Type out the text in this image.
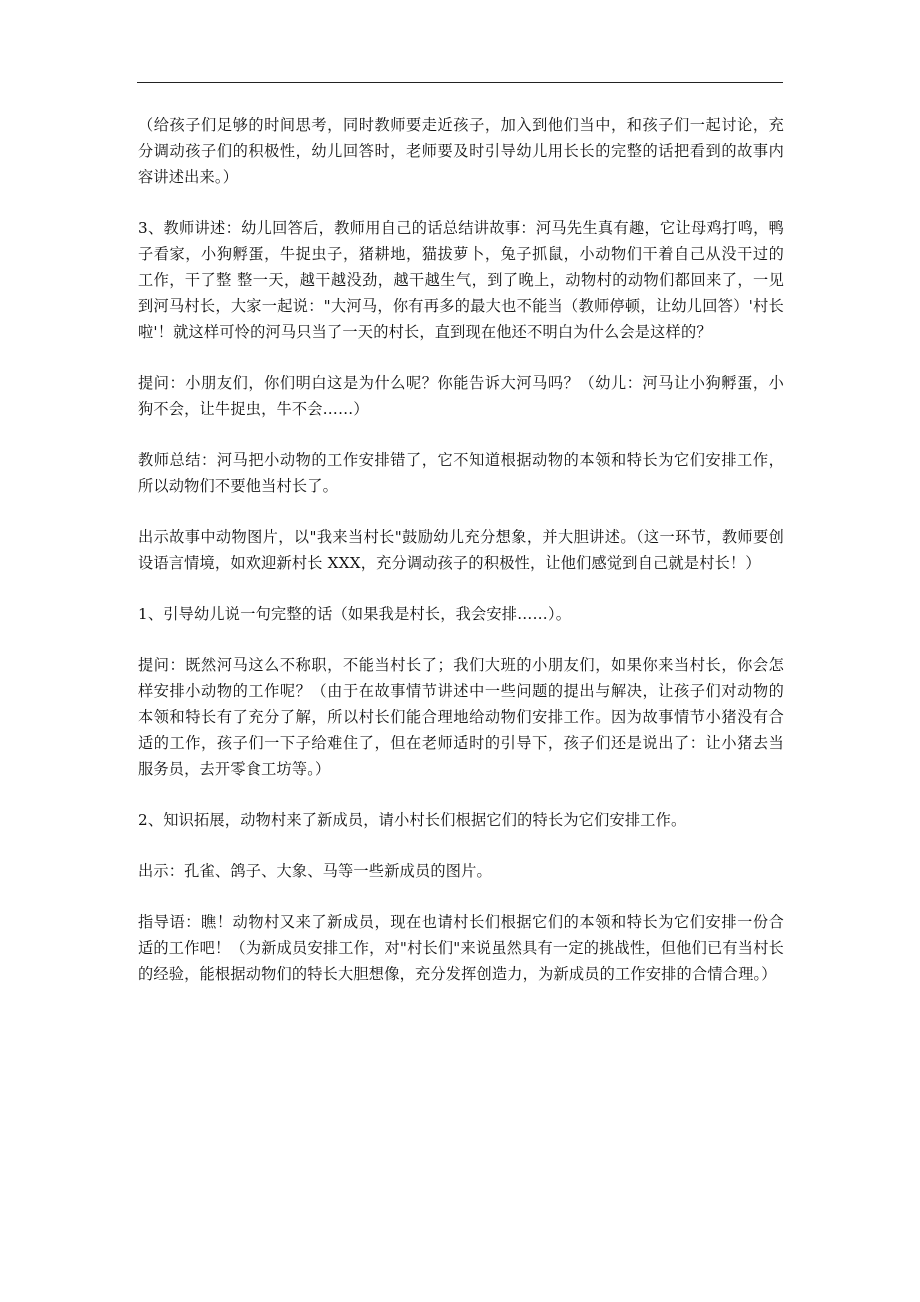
（给孩子们足够的时间思考，同时教师要走近孩子，加入到他们当中，和孩子们一起讨论，充分调动孩子们的积极性，幼儿回答时，老师要及时引导幼儿用长长的完整的话把看到的故事内容讲述出来。）

3、教师讲述：幼儿回答后，教师用自己的话总结讲故事：河马先生真有趣，它让母鸡打鸣，鸭子看家，小狗孵蛋，牛捉虫子，猪耕地，猫拔萝卜，兔子抓鼠，小动物们干着自己从没干过的工作，干了整 整一天，越干越没劲，越干越生气，到了晚上，动物村的动物们都回来了，一见到河马村长，大家一起说："大河马，你有再多的最大也不能当（教师停顿，让幼儿回答）'村长啦'！就这样可怜的河马只当了一天的村长，直到现在他还不明白为什么会是这样的？

提问：小朋友们，你们明白这是为什么呢？你能告诉大河马吗？（幼儿：河马让小狗孵蛋，小狗不会，让牛捉虫，牛不会……）

教师总结：河马把小动物的工作安排错了，它不知道根据动物的本领和特长为它们安排工作，所以动物们不要他当村长了。

出示故事中动物图片，以"我来当村长"鼓励幼儿充分想象，并大胆讲述。（这一环节，教师要创设语言情境，如欢迎新村长 XXX，充分调动孩子的积极性，让他们感觉到自己就是村长！）

1、引导幼儿说一句完整的话（如果我是村长，我会安排……）。

提问：既然河马这么不称职，不能当村长了；我们大班的小朋友们，如果你来当村长，你会怎样安排小动物的工作呢？（由于在故事情节讲述中一些问题的提出与解决，让孩子们对动物的本领和特长有了充分了解，所以村长们能合理地给动物们安排工作。因为故事情节小猪没有合适的工作，孩子们一下子给难住了，但在老师适时的引导下，孩子们还是说出了：让小猪去当服务员，去开零食工坊等。）

2、知识拓展，动物村来了新成员，请小村长们根据它们的特长为它们安排工作。

出示：孔雀、鸽子、大象、马等一些新成员的图片。

指导语：瞧！动物村又来了新成员，现在也请村长们根据它们的本领和特长为它们安排一份合适的工作吧！（为新成员安排工作，对"村长们"来说虽然具有一定的挑战性，但他们已有当村长的经验，能根据动物们的特长大胆想像，充分发挥创造力，为新成员的工作安排的合情合理。）
